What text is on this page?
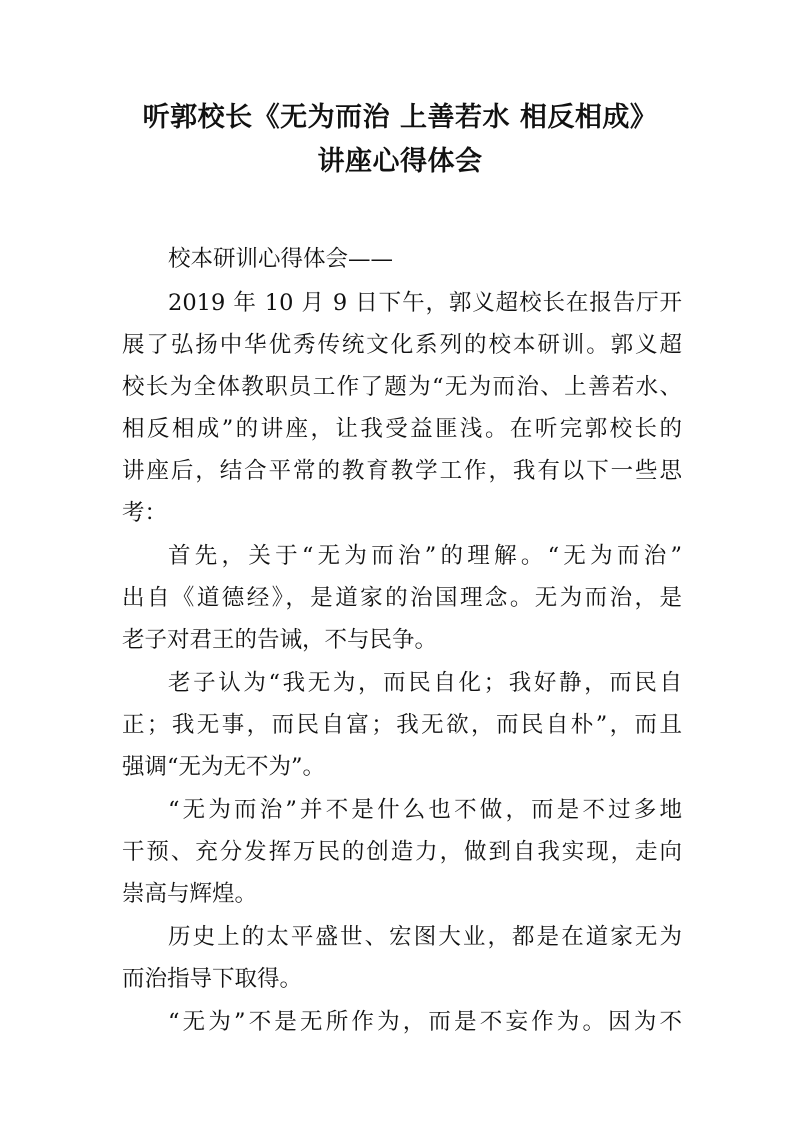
听郭校长《无为而治 上善若水 相反相成》
讲座心得体会
校本研训心得体会——
2019 年 10 月 9 日下午，郭义超校长在报告厅开
展了弘扬中华优秀传统文化系列的校本研训。郭义超
校长为全体教职员工作了题为“无为而治、上善若水、
相反相成”的讲座，让我受益匪浅。在听完郭校长的
讲座后，结合平常的教育教学工作，我有以下一些思
考：
首先，关于“无为而治”的理解。“无为而治”
出自《道德经》，是道家的治国理念。无为而治，是
老子对君王的告诫，不与民争。
老子认为“我无为，而民自化；我好静，而民自
正；我无事，而民自富；我无欲，而民自朴”，而且
强调“无为无不为”。
“无为而治”并不是什么也不做，而是不过多地
干预、充分发挥万民的创造力，做到自我实现，走向
崇高与辉煌。
历史上的太平盛世、宏图大业，都是在道家无为
而治指导下取得。
“无为”不是无所作为，而是不妄作为。因为不
